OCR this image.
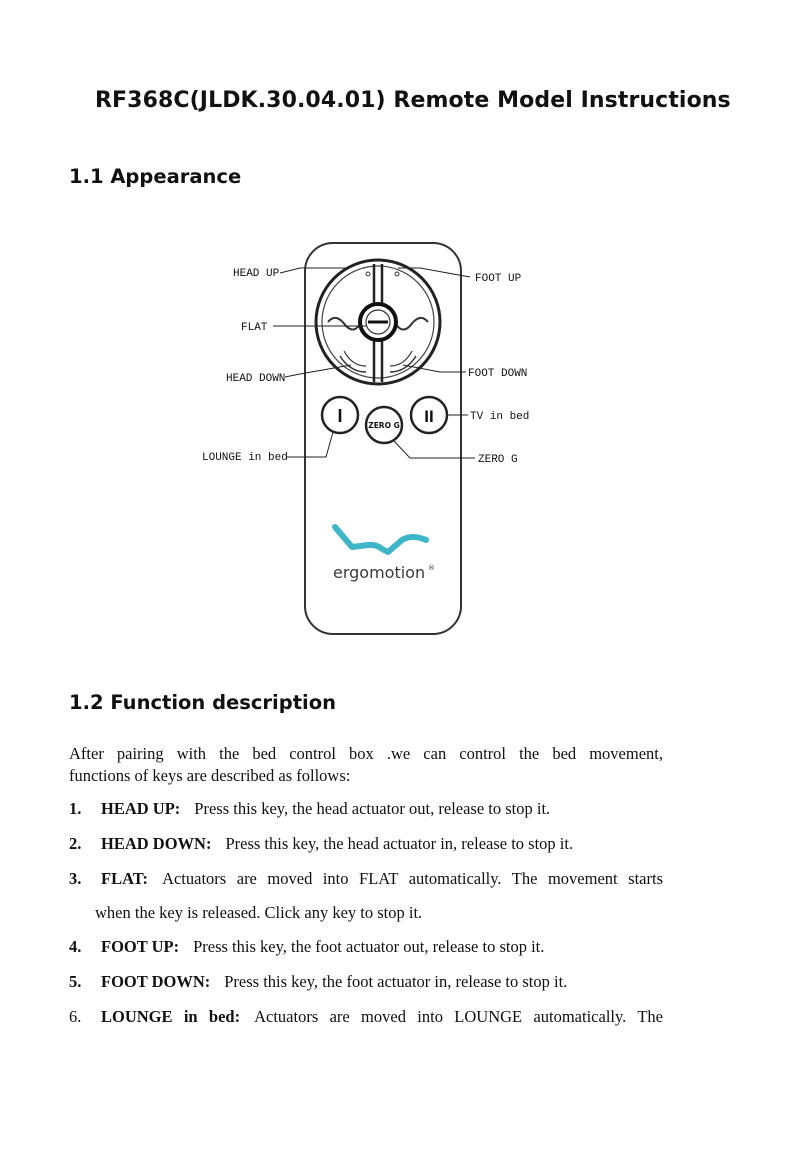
RF368C(JLDK.30.04.01) Remote Model Instructions
1.1 Appearance
I	ZERO G II
HEAD UP
FLAT
HEAD DOWN
LOUNGE in bed
FOOT UP
FOOT DOWN
TV in bed
ZERO G
ergomotion ®
1.2 Function description
After pairing with the bed control box .we can control the bed movement,
functions of keys are described as follows:
1. HEAD UP: Press this key, the head actuator out, release to stop it.
2. HEAD DOWN: Press this key, the head actuator in, release to stop it.
3. FLAT: Actuators are moved into FLAT automatically. The movement starts
when the key is released. Click any key to stop it.
4. FOOT UP: Press this key, the foot actuator out, release to stop it.
5. FOOT DOWN: Press this key, the foot actuator in, release to stop it.
6. LOUNGE in bed: Actuators are moved into LOUNGE automatically. The
